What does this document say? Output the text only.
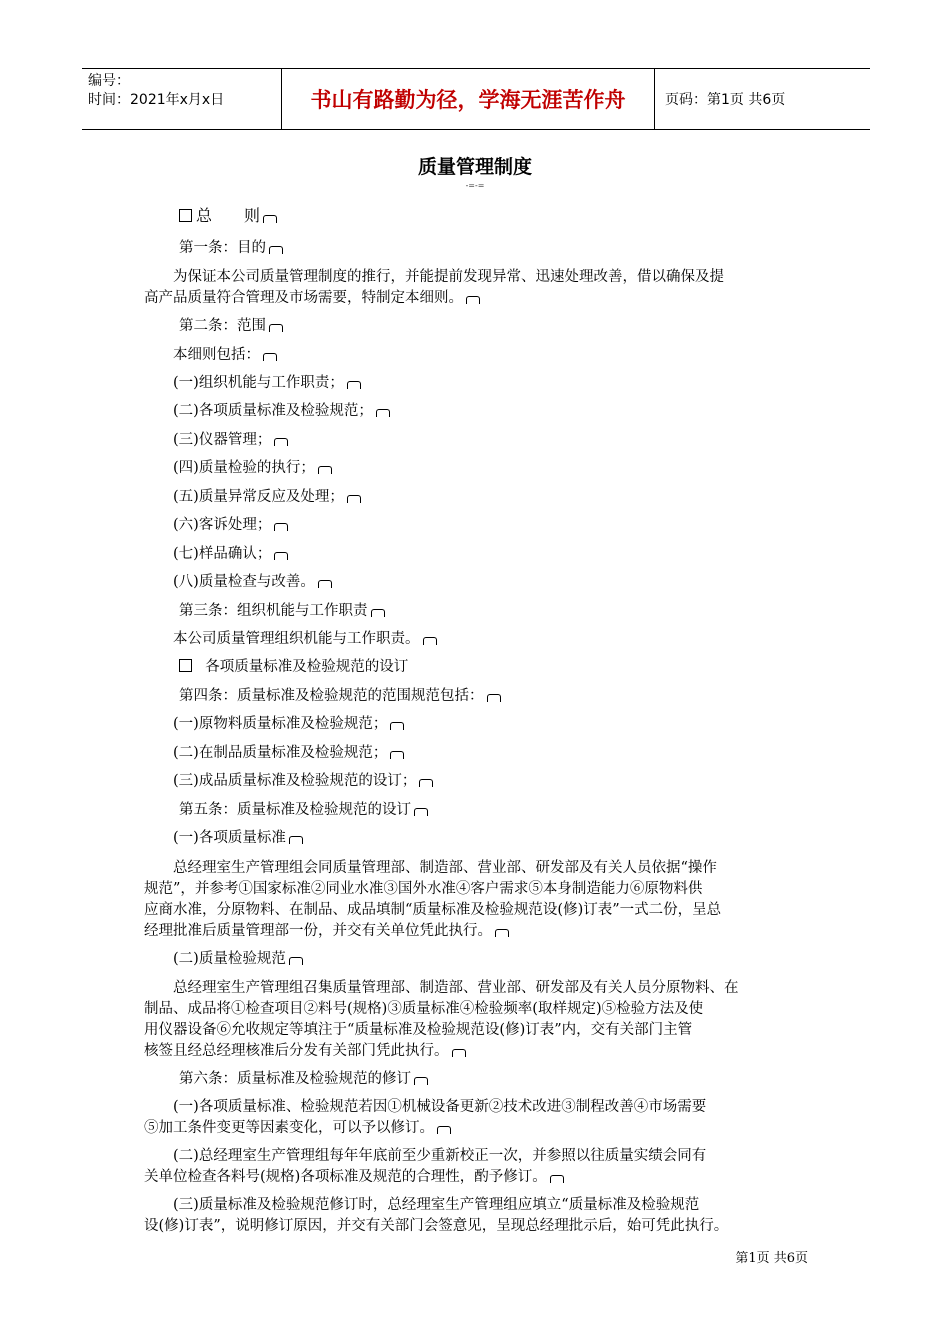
编号：
时间：2021年x月x日	书山有路勤为径，学海无涯苦作舟	页码：第1页 共6页
质量管理制度
-=-=
总　　则
第一条：目的
为保证本公司质量管理制度的推行，并能提前发现异常、迅速处理改善，借以确保及提
高产品质量符合管理及市场需要，特制定本细则。
第二条：范围
本细则包括：
(一)组织机能与工作职责；
(二)各项质量标准及检验规范；
(三)仪器管理；
(四)质量检验的执行；
(五)质量异常反应及处理；
(六)客诉处理；
(七)样品确认；
(八)质量检查与改善。
第三条：组织机能与工作职责
本公司质量管理组织机能与工作职责。
各项质量标准及检验规范的设订
第四条：质量标准及检验规范的范围规范包括：
(一)原物料质量标准及检验规范；
(二)在制品质量标准及检验规范；
(三)成品质量标准及检验规范的设订；
第五条：质量标准及检验规范的设订
(一)各项质量标准
总经理室生产管理组会同质量管理部、制造部、营业部、研发部及有关人员依据“操作
规范”，并参考①国家标准②同业水准③国外水准④客户需求⑤本身制造能力⑥原物料供
应商水准，分原物料、在制品、成品填制“质量标准及检验规范设(修)订表”一式二份，呈总
经理批准后质量管理部一份，并交有关单位凭此执行。
(二)质量检验规范
总经理室生产管理组召集质量管理部、制造部、营业部、研发部及有关人员分原物料、在
制品、成品将①检查项目②料号(规格)③质量标准④检验频率(取样规定)⑤检验方法及使
用仪器设备⑥允收规定等填注于“质量标准及检验规范设(修)订表”内，交有关部门主管
核签且经总经理核准后分发有关部门凭此执行。
第六条：质量标准及检验规范的修订
(一)各项质量标准、检验规范若因①机械设备更新②技术改进③制程改善④市场需要
⑤加工条件变更等因素变化，可以予以修订。
(二)总经理室生产管理组每年年底前至少重新校正一次，并参照以往质量实绩会同有
关单位检查各料号(规格)各项标准及规范的合理性，酌予修订。
(三)质量标准及检验规范修订时，总经理室生产管理组应填立“质量标准及检验规范
设(修)订表”，说明修订原因，并交有关部门会签意见，呈现总经理批示后，始可凭此执行。
第1页 共6页
